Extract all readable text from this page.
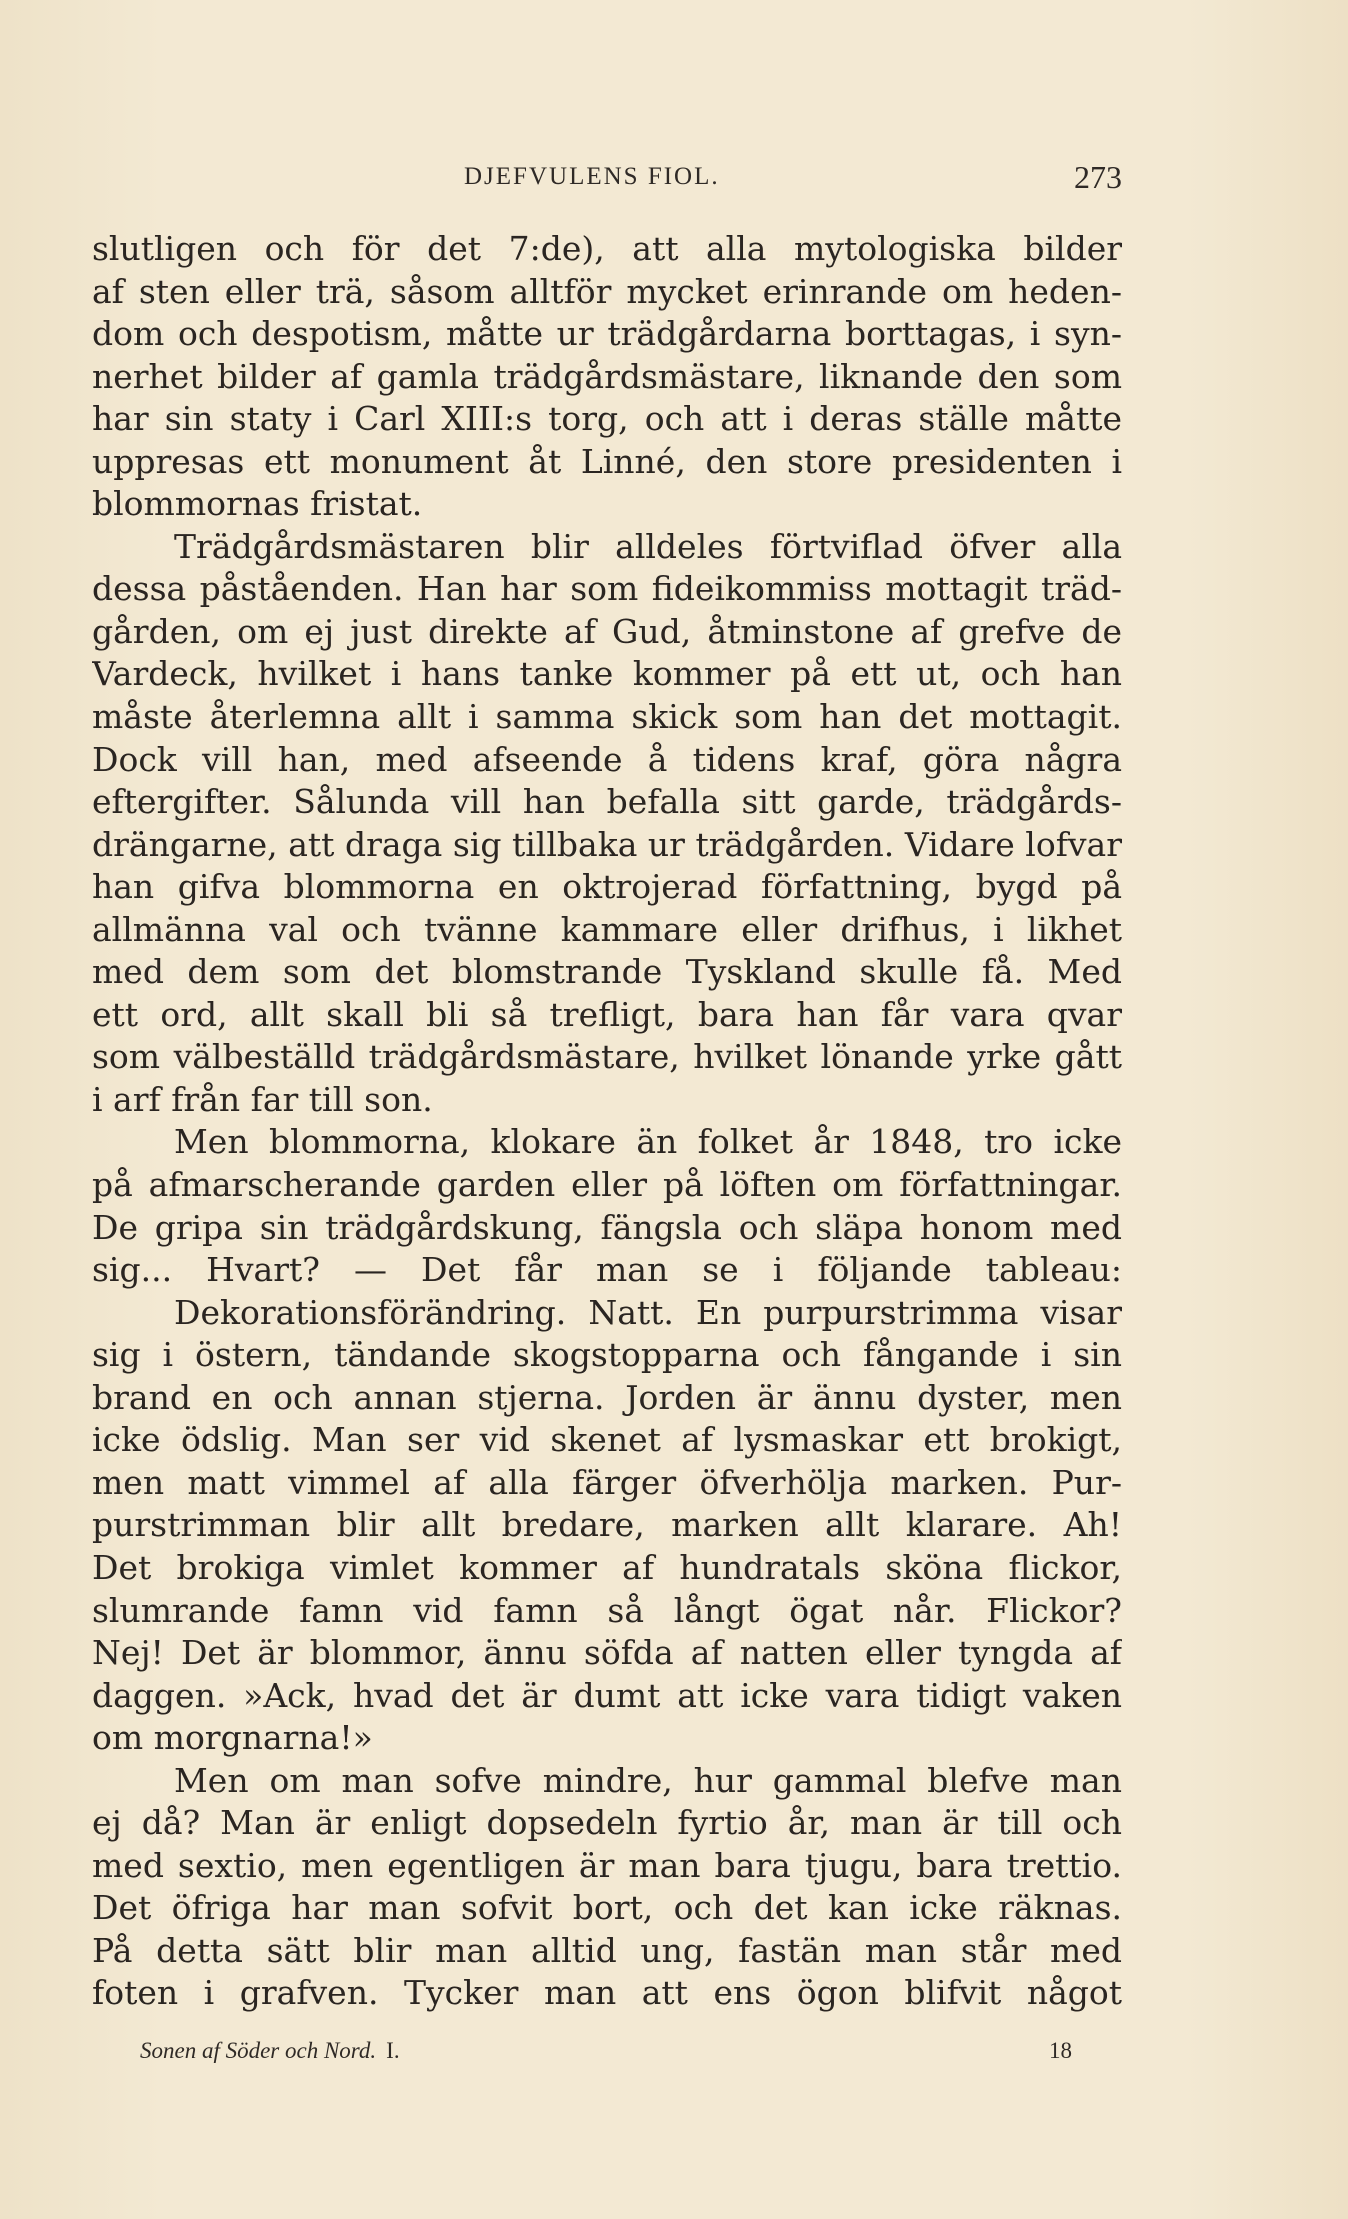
DJEFVULENS FIOL.	273
slutligen och för det 7:de), att alla mytologiska bilder
af sten eller trä, såsom alltför mycket erinrande om heden-
dom och despotism, måtte ur trädgårdarna borttagas, i syn-
nerhet bilder af gamla trädgårdsmästare, liknande den som
har sin staty i Carl XIII:s torg, och att i deras ställe måtte
uppresas ett monument åt Linné, den store presidenten i
blommornas fristat.
Trädgårdsmästaren blir alldeles förtviflad öfver alla
dessa påståenden. Han har som fideikommiss mottagit träd-
gården, om ej just direkte af Gud, åtminstone af grefve de
Vardeck, hvilket i hans tanke kommer på ett ut, och han
måste återlemna allt i samma skick som han det mottagit.
Dock vill han, med afseende å tidens kraf, göra några
eftergifter. Sålunda vill han befalla sitt garde, trädgårds-
drängarne, att draga sig tillbaka ur trädgården. Vidare lofvar
han gifva blommorna en oktrojerad författning, bygd på
allmänna val och tvänne kammare eller drifhus, i likhet
med dem som det blomstrande Tyskland skulle få. Med
ett ord, allt skall bli så trefligt, bara han får vara qvar
som välbeställd trädgårdsmästare, hvilket lönande yrke gått
i arf från far till son.
Men blommorna, klokare än folket år 1848, tro icke
på afmarscherande garden eller på löften om författningar.
De gripa sin trädgårdskung, fängsla och släpa honom med
sig... Hvart? — Det får man se i följande tableau:
Dekorationsförändring. Natt. En purpurstrimma visar
sig i östern, tändande skogstopparna och fångande i sin
brand en och annan stjerna. Jorden är ännu dyster, men
icke ödslig. Man ser vid skenet af lysmaskar ett brokigt,
men matt vimmel af alla färger öfverhölja marken. Pur-
purstrimman blir allt bredare, marken allt klarare. Ah!
Det brokiga vimlet kommer af hundratals sköna flickor,
slumrande famn vid famn så långt ögat når. Flickor?
Nej! Det är blommor, ännu söfda af natten eller tyngda af
daggen. »Ack, hvad det är dumt att icke vara tidigt vaken
om morgnarna!»
Men om man sofve mindre, hur gammal blefve man
ej då? Man är enligt dopsedeln fyrtio år, man är till och
med sextio, men egentligen är man bara tjugu, bara trettio.
Det öfriga har man sofvit bort, och det kan icke räknas.
På detta sätt blir man alltid ung, fastän man står med
foten i grafven. Tycker man att ens ögon blifvit något
Sonen af Söder och Nord. I.	18
